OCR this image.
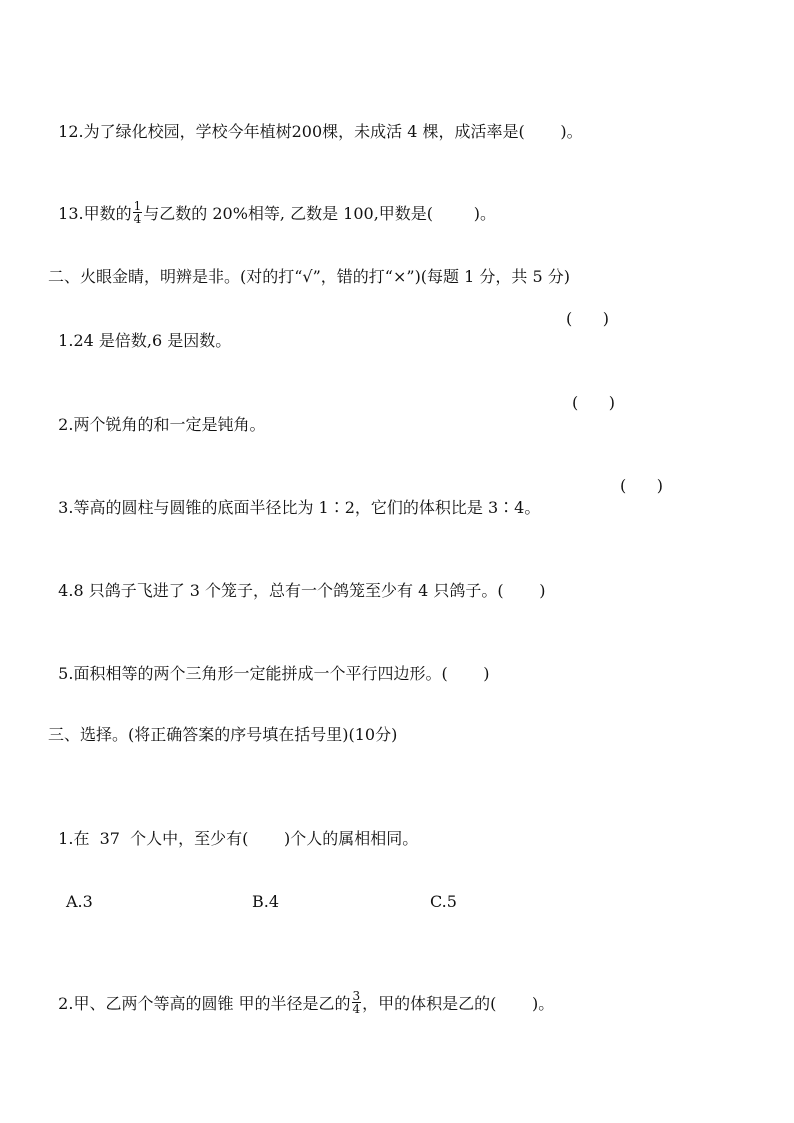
12.为了绿化校园，学校今年植树200棵，未成活 4 棵，成活率是(       )。

13.甲数的 $\frac{1}{4}$ 与乙数的 20%相等, 乙数是 100,甲数是(        )。

二、火眼金睛，明辨是非。(对的打“√”，错的打“×”)(每题 1 分，共 5 分)

1.24 是倍数,6 是因数。

(      )

2.两个锐角的和一定是钝角。

(      )

3.等高的圆柱与圆锥的底面半径比为 1∶2，它们的体积比是 3∶4。

(      )

4.8 只鸽子飞进了 3 个笼子，总有一个鸽笼至少有 4 只鸽子。(       )

5.面积相等的两个三角形一定能拼成一个平行四边形。(       )

三、选择。(将正确答案的序号填在括号里)(10分)

1.在  37  个人中，至少有(       )个人的属相相同。

A.3

	B.4

	C.5

2.甲、乙两个等高的圆锥 甲的半径是乙的 $\frac{3}{4}$ ，甲的体积是乙的(       )。
